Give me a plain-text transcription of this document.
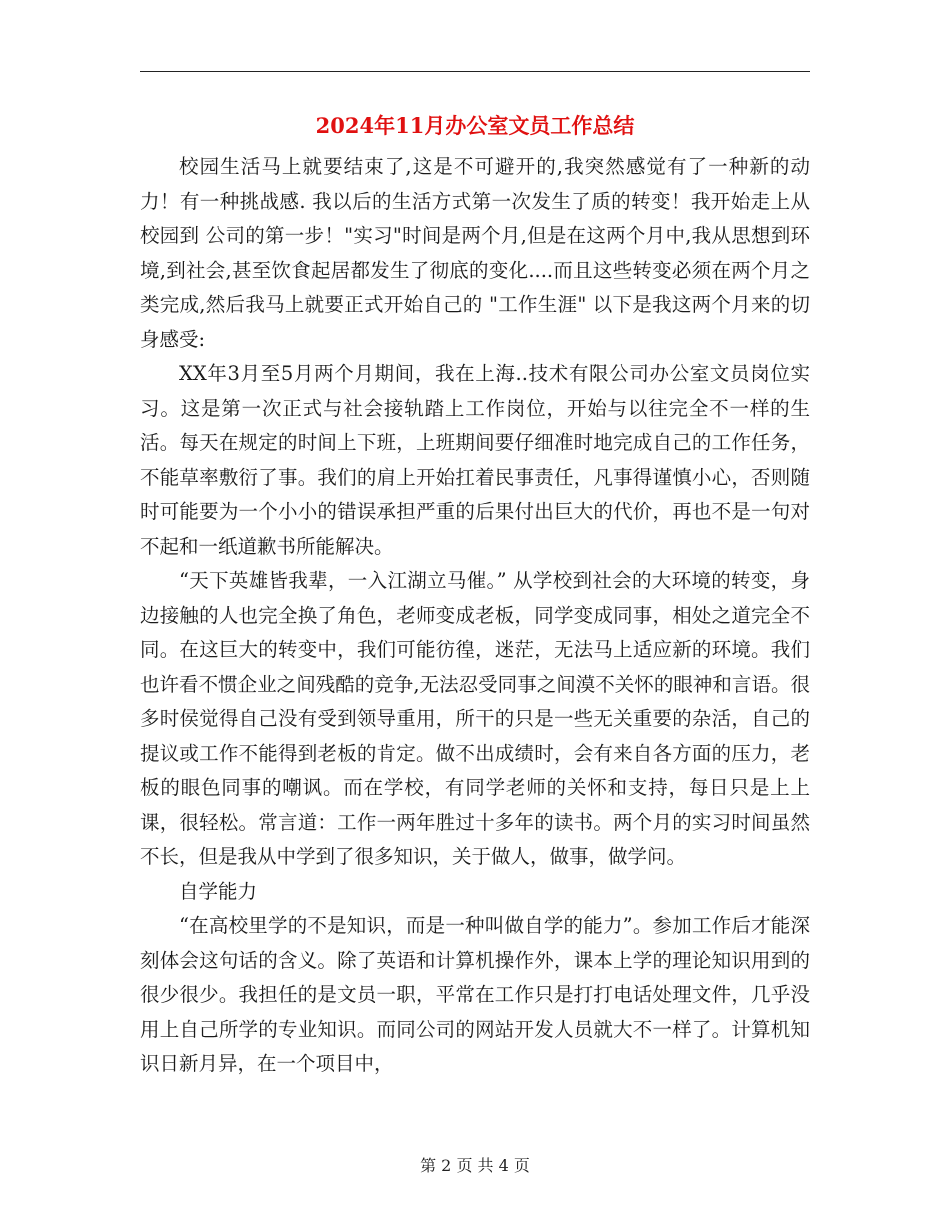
2024年11月办公室文员工作总结

校园生活马上就要结束了,这是不可避开的,我突然感觉有了一种新的动力！有一种挑战感. 我以后的生活方式第一次发生了质的转变！我开始走上从校园到 公司的第一步！"实习"时间是两个月,但是在这两个月中,我从思想到环境,到社会,甚至饮食起居都发生了彻底的变化....而且这些转变必须在两个月之类完成,然后我马上就要正式开始自己的 "工作生涯" 以下是我这两个月来的切身感受:

XX年3月至5月两个月期间，我在上海..技术有限公司办公室文员岗位实习。这是第一次正式与社会接轨踏上工作岗位，开始与以往完全不一样的生活。每天在规定的时间上下班，上班期间要仔细准时地完成自己的工作任务，不能草率敷衍了事。我们的肩上开始扛着民事责任，凡事得谨慎小心，否则随时可能要为一个小小的错误承担严重的后果付出巨大的代价，再也不是一句对不起和一纸道歉书所能解决。

“天下英雄皆我辈，一入江湖立马催。” 从学校到社会的大环境的转变，身边接触的人也完全换了角色，老师变成老板，同学变成同事，相处之道完全不同。在这巨大的转变中，我们可能彷徨，迷茫，无法马上适应新的环境。我们也许看不惯企业之间残酷的竞争,无法忍受同事之间漠不关怀的眼神和言语。很多时侯觉得自己没有受到领导重用，所干的只是一些无关重要的杂活，自己的提议或工作不能得到老板的肯定。做不出成绩时，会有来自各方面的压力，老板的眼色同事的嘲讽。而在学校，有同学老师的关怀和支持，每日只是上上课，很轻松。常言道：工作一两年胜过十多年的读书。两个月的实习时间虽然不长，但是我从中学到了很多知识，关于做人，做事，做学问。

自学能力

“在高校里学的不是知识，而是一种叫做自学的能力”。参加工作后才能深刻体会这句话的含义。除了英语和计算机操作外，课本上学的理论知识用到的很少很少。我担任的是文员一职，平常在工作只是打打电话处理文件，几乎没用上自己所学的专业知识。而同公司的网站开发人员就大不一样了。计算机知识日新月异，在一个项目中，

第 2 页 共 4 页
